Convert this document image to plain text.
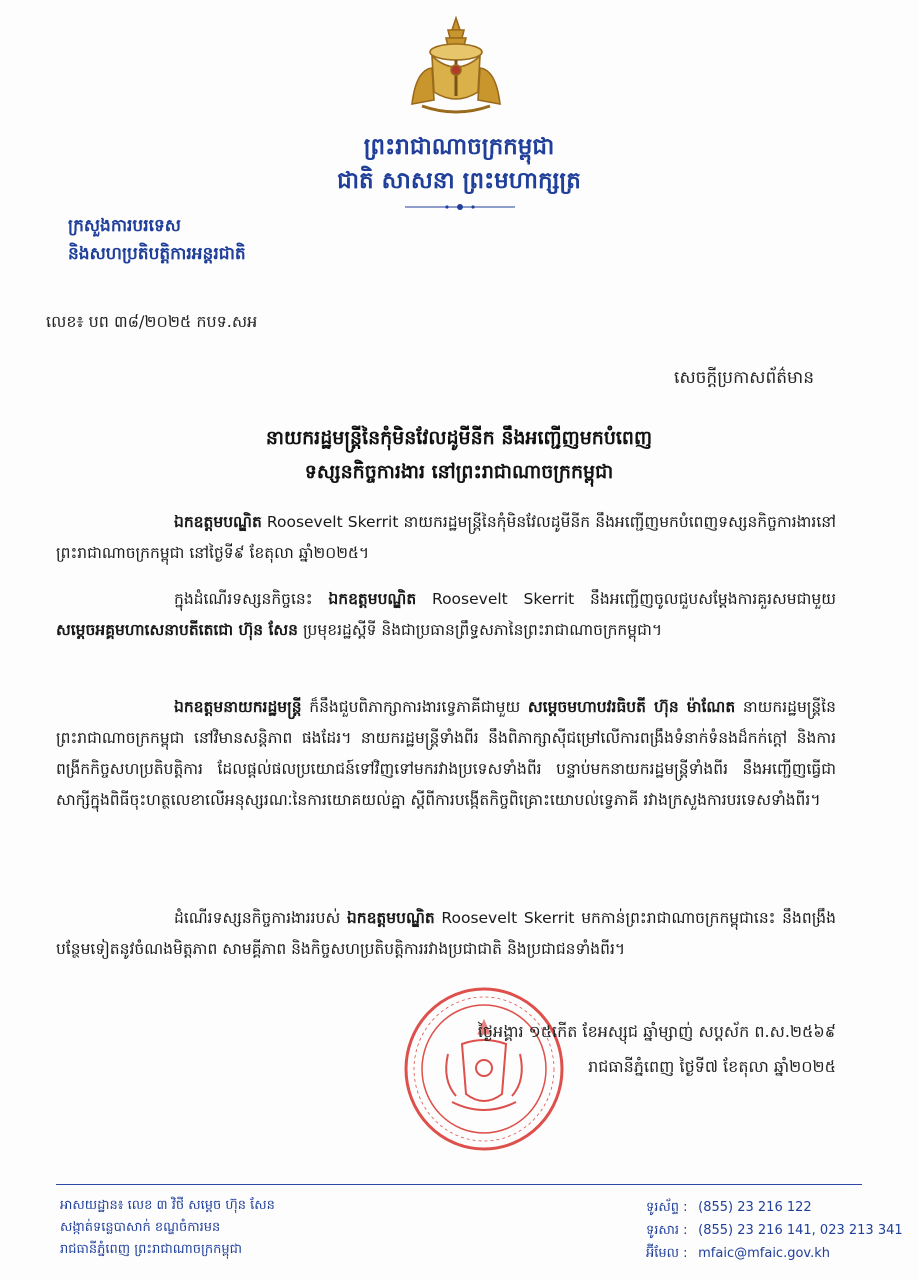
ព្រះរាជាណាចក្រកម្ពុជា
ជាតិ សាសនា ព្រះមហាក្សត្រ
ក្រសួងការបរទេស
និងសហប្រតិបត្តិការអន្តរជាតិ
លេខ៖ បព ៣៨/២០២៥ កបទ.សអ
សេចក្ដីប្រកាសព័ត៌មាន
នាយករដ្ឋមន្ត្រីនៃកុំមិនវែលដូមីនីក នឹងអញ្ជើញមកបំពេញ
ទស្សនកិច្ចការងារ នៅព្រះរាជាណាចក្រកម្ពុជា
ឯកឧត្តមបណ្ឌិត Roosevelt Skerrit នាយករដ្ឋមន្ត្រីនៃកុំមិនវែលដូមីនីក នឹងអញ្ជើញមកបំពេញទស្សនកិច្ចការងារនៅព្រះរាជាណាចក្រកម្ពុជា នៅថ្ងៃទី៩ ខែតុលា ឆ្នាំ២០២៥។
ក្នុងដំណើរទស្សនកិច្ចនេះ ឯកឧត្តមបណ្ឌិត Roosevelt Skerrit នឹងអញ្ជើញចូលជួបសម្ដែងការគួរសមជាមួយ សម្ដេចអគ្គមហាសេនាបតីតេជោ ហ៊ុន សែន ប្រមុខរដ្ឋស្ដីទី និងជាប្រធានព្រឹទ្ធសភានៃព្រះរាជាណាចក្រកម្ពុជា។
ឯកឧត្តមនាយករដ្ឋមន្ត្រី ក៏នឹងជួបពិភាក្សាការងារទ្វេភាគីជាមួយ សម្ដេចមហាបវរធិបតី ហ៊ុន ម៉ាណែត នាយករដ្ឋមន្ត្រីនៃព្រះរាជាណាចក្រកម្ពុជា នៅវិមានសន្តិភាព ផងដែរ។ នាយករដ្ឋមន្ត្រីទាំងពីរ នឹងពិភាក្សាស៊ីជម្រៅលើការពង្រឹងទំនាក់ទំនងដ៏កក់ក្ដៅ និងការពង្រីកកិច្ចសហប្រតិបត្តិការ ដែលផ្ដល់ផលប្រយោជន៍ទៅវិញទៅមករវាងប្រទេសទាំងពីរ បន្ទាប់មកនាយករដ្ឋមន្ត្រីទាំងពីរ នឹងអញ្ជើញធ្វើជាសាក្សីក្នុងពិធីចុះហត្ថលេខាលើអនុស្សរណៈនៃការយោគយល់គ្នា ស្ដីពីការបង្កើតកិច្ចពិគ្រោះយោបល់ទ្វេភាគី រវាងក្រសួងការបរទេសទាំងពីរ។
ដំណើរទស្សនកិច្ចការងាររបស់ ឯកឧត្តមបណ្ឌិត Roosevelt Skerrit មកកាន់ព្រះរាជាណាចក្រកម្ពុជានេះ នឹងពង្រឹងបន្ថែមទៀតនូវចំណងមិត្តភាព សាមគ្គីភាព និងកិច្ចសហប្រតិបត្តិការរវាងប្រជាជាតិ និងប្រជាជនទាំងពីរ។
ថ្ងៃអង្គារ ១៥កើត ខែអស្សុជ ឆ្នាំម្សាញ់ សប្តស័ក ព.ស.២៥៦៩
រាជធានីភ្នំពេញ ថ្ងៃទី៧ ខែតុលា ឆ្នាំ២០២៥
អាសយដ្ឋាន៖ លេខ ៣ វិថី សម្ដេច ហ៊ុន សែន
សង្កាត់ទន្លេបាសាក់ ខណ្ឌចំការមន
រាជធានីភ្នំពេញ ព្រះរាជាណាចក្រកម្ពុជា
ទូរស័ព្ទ : (855) 23 216 122
ទូរសារ : (855) 23 216 141, 023 213 341
អ៊ីមែល : mfaic@mfaic.gov.kh
